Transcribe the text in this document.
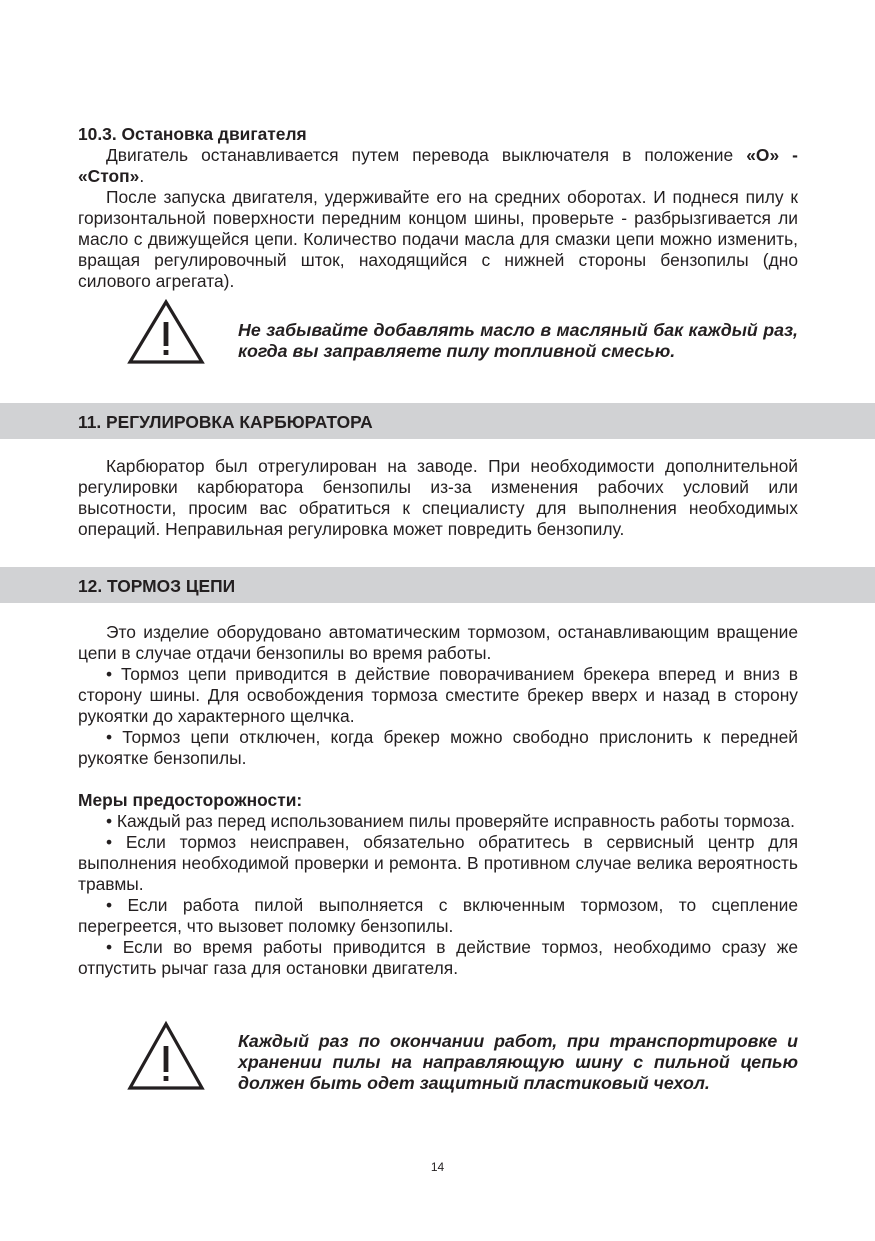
10.3. Остановка двигателя

Двигатель останавливается путем перевода выключателя в положение «О» - «Стоп».

После запуска двигателя, удерживайте его на средних оборотах. И поднеся пилу к горизонтальной поверхности передним концом шины, проверьте - разбрызгивается ли масло с движущейся цепи. Количество подачи масла для смазки цепи можно изменить, вращая регулировочный шток, находящийся с нижней стороны бензопилы (дно силового агрегата).

Не забывайте добавлять масло в масляный бак каждый раз, когда вы заправляете пилу топливной смесью.

11. РЕГУЛИРОВКА КАРБЮРАТОРА

Карбюратор был отрегулирован на заводе. При необходимости дополнительной регулировки карбюратора бензопилы из-за изменения рабочих условий или высотности, просим вас обратиться к специалисту для выполнения необходимых операций. Неправильная регулировка может повредить бензопилу.

12. ТОРМОЗ ЦЕПИ

Это изделие оборудовано автоматическим тормозом, останавливающим вращение цепи в случае отдачи бензопилы во время работы.

• Тормоз цепи приводится в действие поворачиванием брекера вперед и вниз в сторону шины. Для освобождения тормоза сместите брекер вверх и назад в сторону рукоятки до характерного щелчка.

• Тормоз цепи отключен, когда брекер можно свободно прислонить к передней рукоятке бензопилы.

Меры предосторожности:

• Каждый раз перед использованием пилы проверяйте исправность работы тормоза.

• Если тормоз неисправен, обязательно обратитесь в сервисный центр для выполнения необходимой проверки и ремонта. В противном случае велика вероятность травмы.

• Если работа пилой выполняется с включенным тормозом, то сцепление перегреется, что вызовет поломку бензопилы.

• Если во время работы приводится в действие тормоз, необходимо сразу же отпустить рычаг газа для остановки двигателя.

Каждый раз по окончании работ, при транспортировке и хранении пилы на направляющую шину с пильной цепью должен быть одет защитный пластиковый чехол.

14
